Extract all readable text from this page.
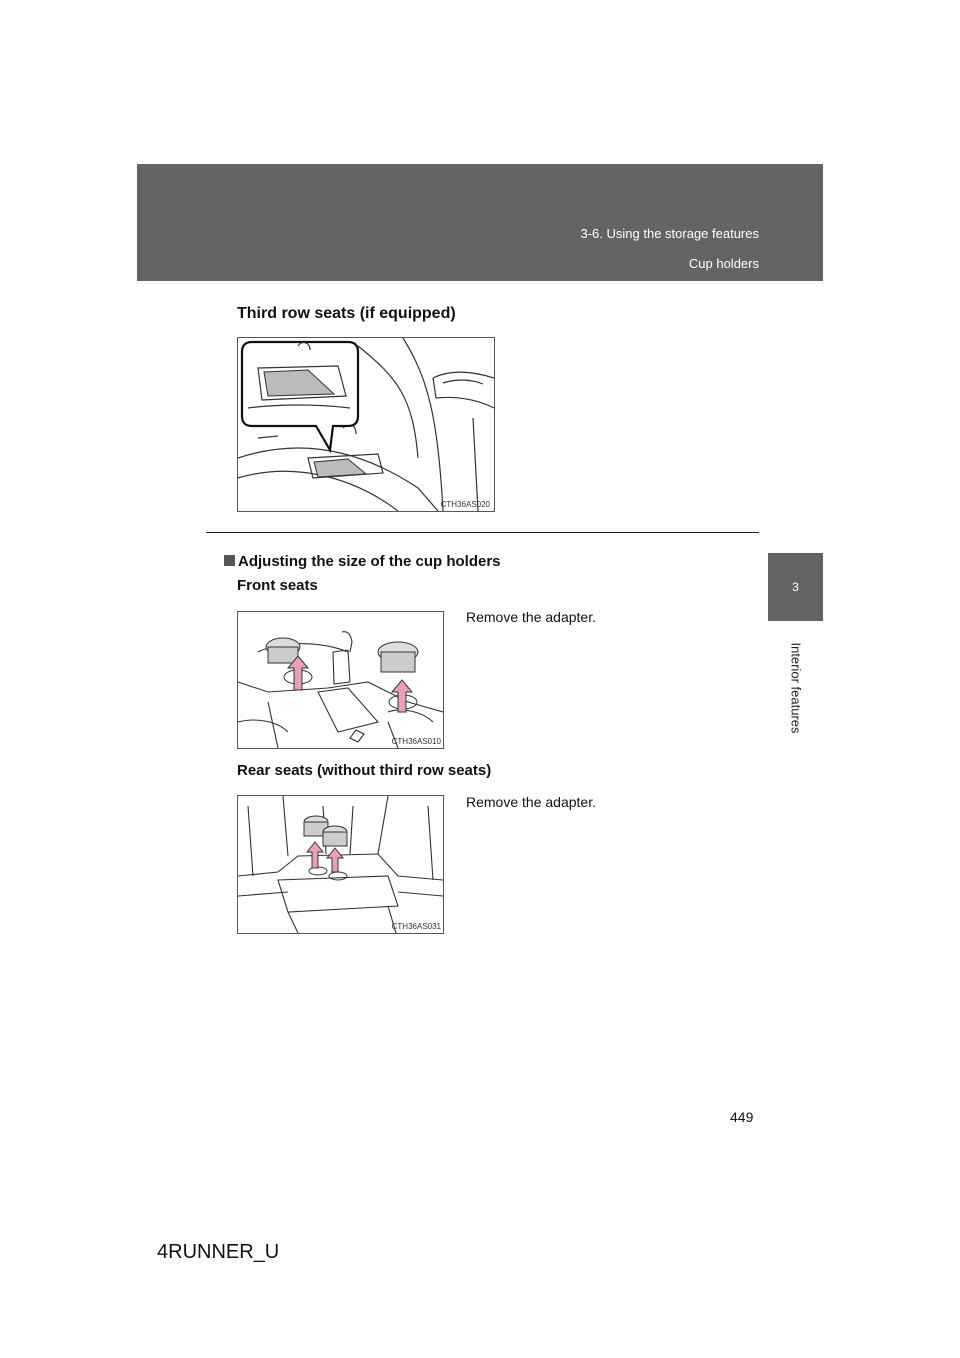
3-6. Using the storage features
Cup holders
3
Interior features
Third row seats (if equipped)
CTH36AS020
Adjusting the size of the cup holders
Front seats
CTH36AS010
Remove the adapter.
Rear seats (without third row seats)
CTH36AS031
Remove the adapter.
449
4RUNNER_U
